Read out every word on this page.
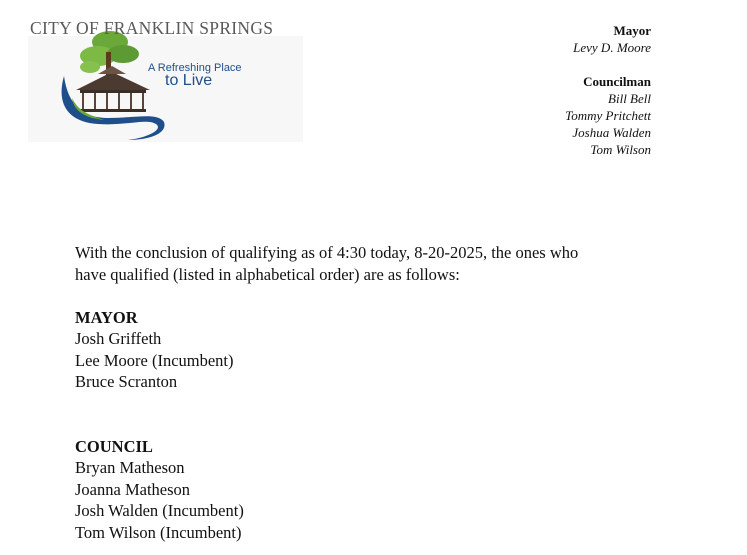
CITY OF FRANKLIN SPRINGS
A Refreshing Place
to Live
Mayor
Levy D. Moore
Councilman
Bill Bell
Tommy Pritchett
Joshua Walden
Tom Wilson

With the conclusion of qualifying as of 4:30 today, 8-20-2025, the ones who

have qualified (listed in alphabetical order) are as follows:

MAYOR

Josh Griffeth

Lee Moore (Incumbent)

Bruce Scranton

COUNCIL

Bryan Matheson

Joanna Matheson

Josh Walden (Incumbent)

Tom Wilson (Incumbent)
